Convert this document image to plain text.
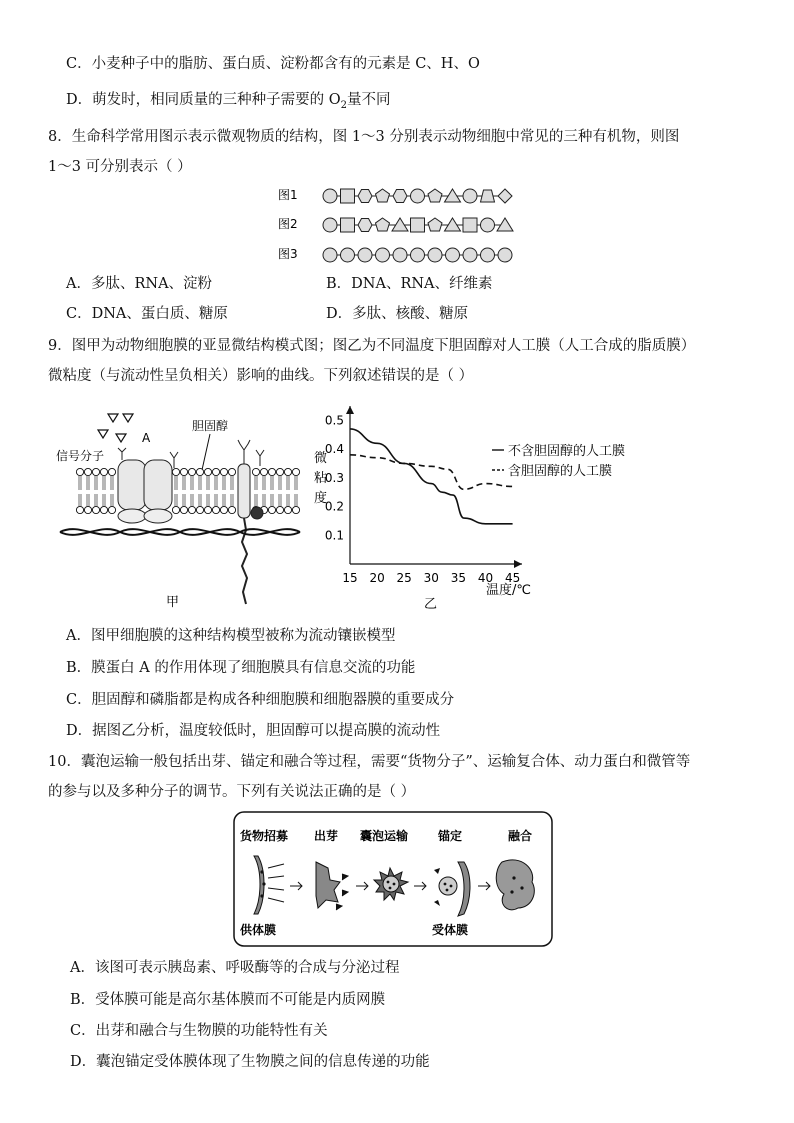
C．小麦种子中的脂肪、蛋白质、淀粉都含有的元素是 C、H、O
D．萌发时，相同质量的三种种子需要的 $O_2$量不同
8．生命科学常用图示表示微观物质的结构，图 1～3 分别表示动物细胞中常见的三种有机物，则图
1～3 可分别表示（ ）
图1
图2
图3
A．多肽、RNA、淀粉	B．DNA、RNA、纤维素
C．DNA、蛋白质、糖原	D．多肽、核酸、糖原
9．图甲为动物细胞膜的亚显微结构模式图；图乙为不同温度下胆固醇对人工膜（人工合成的脂质膜）
微粘度（与流动性呈负相关）影响的曲线。下列叙述错误的是（ ）
A
信号分子
胆固醇
甲
15 20 25 30 35 40 45
0.1
0.2
0.3
0.4
0.5
微
粘
度
温度/℃
不含胆固醇的人工膜
含胆固醇的人工膜
乙
A．图甲细胞膜的这种结构模型被称为流动镶嵌模型
B．膜蛋白 A 的作用体现了细胞膜具有信息交流的功能
C．胆固醇和磷脂都是构成各种细胞膜和细胞器膜的重要成分
D．据图乙分析，温度较低时，胆固醇可以提高膜的流动性
10．囊泡运输一般包括出芽、锚定和融合等过程，需要“货物分子”、运输复合体、动力蛋白和微管等
的参与以及多种分子的调节。下列有关说法正确的是（ ）
货物招募 出芽 囊泡运输 锚定	融合
供体膜	受体膜
A．该图可表示胰岛素、呼吸酶等的合成与分泌过程
B．受体膜可能是高尔基体膜而不可能是内质网膜
C．出芽和融合与生物膜的功能特性有关
D．囊泡锚定受体膜体现了生物膜之间的信息传递的功能
